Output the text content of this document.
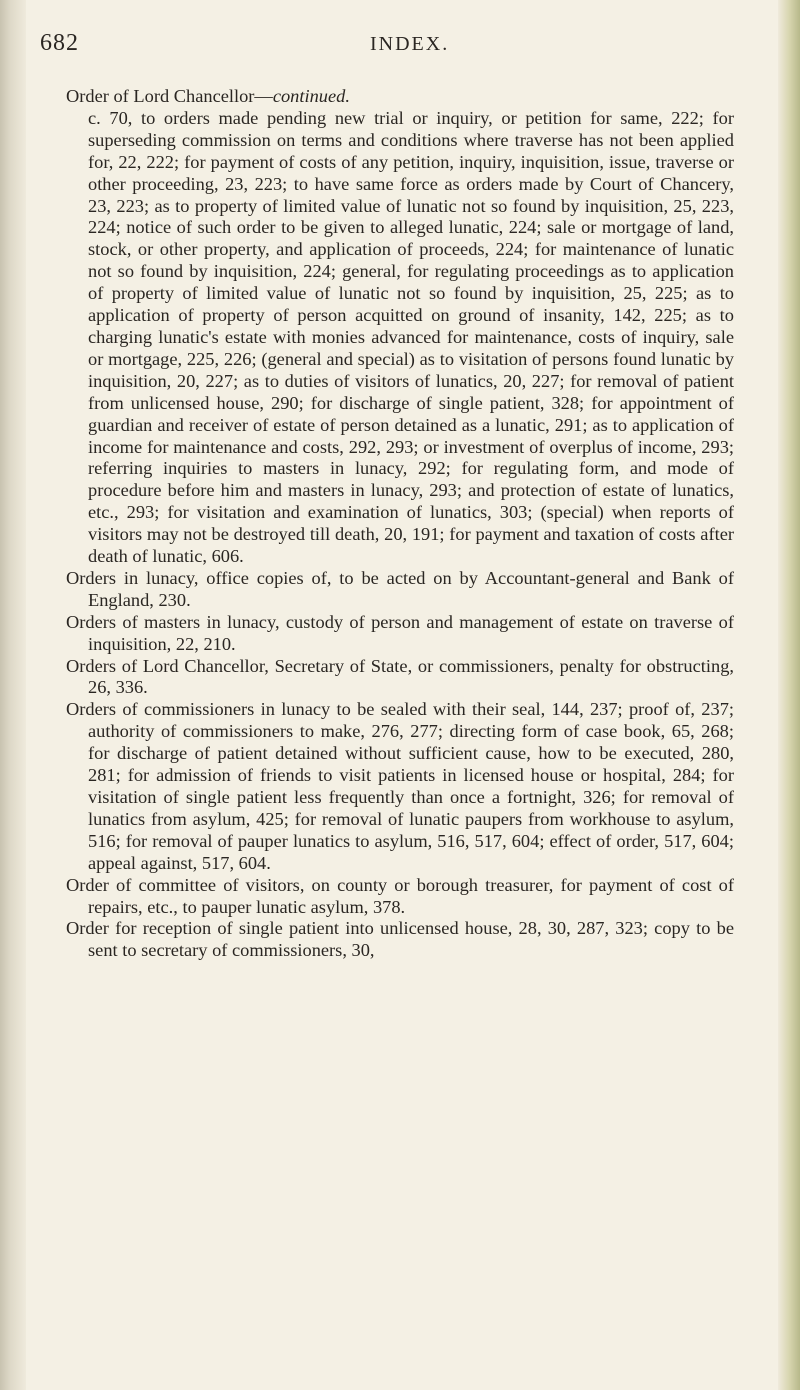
682	INDEX.

Order of Lord Chancellor—continued.
c. 70, to orders made pending new trial or inquiry, or petition for same, 222; for superseding commission on terms and conditions where traverse has not been applied for, 22, 222; for payment of costs of any petition, inquiry, inquisition, issue, traverse or other proceeding, 23, 223; to have same force as orders made by Court of Chancery, 23, 223; as to property of limited value of lunatic not so found by inquisition, 25, 223, 224; notice of such order to be given to alleged lunatic, 224; sale or mortgage of land, stock, or other property, and application of proceeds, 224; for maintenance of lunatic not so found by inquisition, 224; general, for regulating proceedings as to application of property of limited value of lunatic not so found by inquisition, 25, 225; as to application of property of person acquitted on ground of insanity, 142, 225; as to charging lunatic's estate with monies advanced for maintenance, costs of inquiry, sale or mortgage, 225, 226; (general and special) as to visitation of persons found lunatic by inquisition, 20, 227; as to duties of visitors of lunatics, 20, 227; for removal of patient from unlicensed house, 290; for discharge of single patient, 328; for appointment of guardian and receiver of estate of person detained as a lunatic, 291; as to application of income for maintenance and costs, 292, 293; or investment of overplus of income, 293; referring inquiries to masters in lunacy, 292; for regulating form, and mode of procedure before him and masters in lunacy, 293; and protection of estate of lunatics, etc., 293; for visitation and examination of lunatics, 303; (special) when reports of visitors may not be destroyed till death, 20, 191; for payment and taxation of costs after death of lunatic, 606.

Orders in lunacy, office copies of, to be acted on by Accountant-general and Bank of England, 230.

Orders of masters in lunacy, custody of person and management of estate on traverse of inquisition, 22, 210.

Orders of Lord Chancellor, Secretary of State, or commissioners, penalty for obstructing, 26, 336.

Orders of commissioners in lunacy to be sealed with their seal, 144, 237; proof of, 237; authority of commissioners to make, 276, 277; directing form of case book, 65, 268; for discharge of patient detained without sufficient cause, how to be executed, 280, 281; for admission of friends to visit patients in licensed house or hospital, 284; for visitation of single patient less frequently than once a fortnight, 326; for removal of lunatics from asylum, 425; for removal of lunatic paupers from workhouse to asylum, 516; for removal of pauper lunatics to asylum, 516, 517, 604; effect of order, 517, 604; appeal against, 517, 604.

Order of committee of visitors, on county or borough treasurer, for payment of cost of repairs, etc., to pauper lunatic asylum, 378.

Order for reception of single patient into unlicensed house, 28, 30, 287, 323; copy to be sent to secretary of commissioners, 30,
